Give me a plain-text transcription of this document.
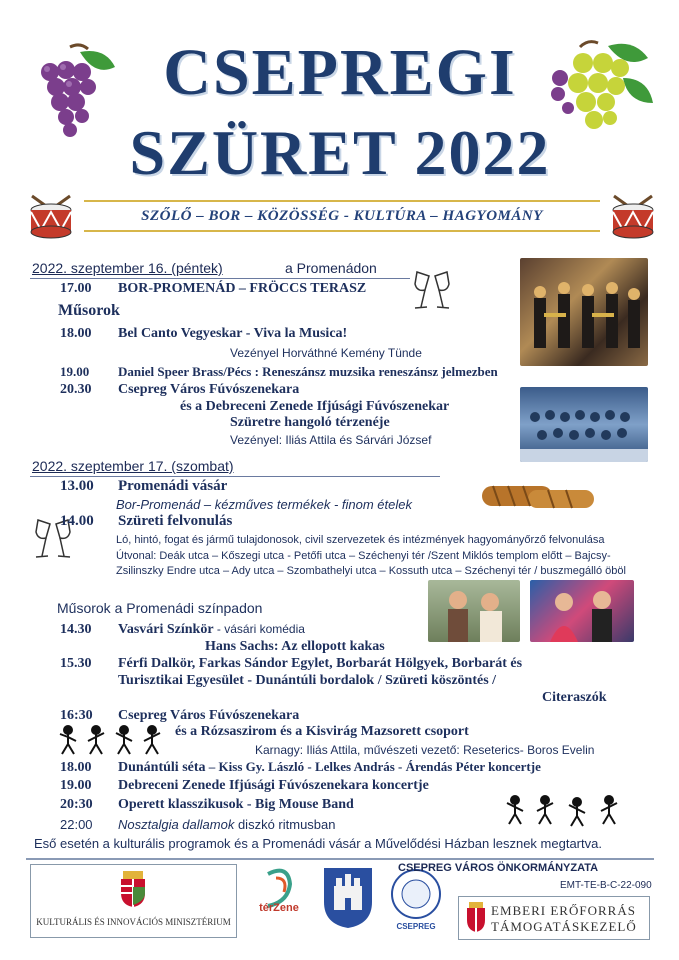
CSEPREGI
SZÜRET 2022
SZŐLŐ – BOR – KÖZÖSSÉG - KULTÚRA – HAGYOMÁNY
2022. szeptember 16. (péntek)	a Promenádon
17.00 BOR-PROMENÁD – FRÖCCS TERASZ
Műsorok
18.00 Bel Canto Vegyeskar - Viva la Musica!
Vezényel Horváthné Kemény Tünde
19.00 Daniel Speer Brass/Pécs : Reneszánsz muzsika reneszánsz jelmezben
20.30 Csepreg Város Fúvószenekara
és a Debreceni Zenede Ifjúsági Fúvószenekar
Szüretre hangoló térzenéje
Vezényel: Iliás Attila és Sárvári József
2022. szeptember 17. (szombat)
13.00 Promenádi vásár
Bor-Promenád – kézműves termékek - finom ételek
14.00 Szüreti felvonulás
Ló, hintó, fogat és jármű tulajdonosok, civil szervezetek és intézmények hagyományőrző felvonulása
Útvonal: Deák utca – Kőszegi utca - Petőfi utca – Széchenyi tér /Szent Miklós templom előtt – Bajcsy-
Zsilinszky Endre utca – Ady utca – Szombathelyi utca – Kossuth utca – Széchenyi tér / buszmegálló öböl
Műsorok a Promenádi színpadon
14.30 Vasvári Színkör - vásári komédia
Hans Sachs: Az ellopott kakas
15.30 Férfi Dalkör, Farkas Sándor Egylet, Borbarát Hölgyek, Borbarát és
Turisztikai Egyesület - Dunántúli bordalok / Szüreti köszöntés /
Citeraszók
16:30 Csepreg Város Fúvószenekara
és a Rózsaszirom és a Kisvirág Mazsorett csoport
Karnagy: Iliás Attila, művészeti vezető: Reseterics- Boros Evelin
18.00 Dunántúli séta – Kiss Gy. László - Lelkes András - Árendás Péter koncertje
19.00 Debreceni Zenede Ifjúsági Fúvószenekara koncertje
20:30 Operett klasszikusok - Big Mouse Band
22:00 Nosztalgia dallamok diszkó ritmusban
Eső esetén a kulturális programok és a Promenádi vásár a Művelődési Házban lesznek megtartva.
KULTURÁLIS ÉS INNOVÁCIÓS MINISZTÉRIUM
térZene
CSEPREG
CSEPREG VÁROS ÖNKORMÁNYZATA
EMT-TE-B-C-22-090
EMBERI ERŐFORRÁS
TÁMOGATÁSKEZELŐ
